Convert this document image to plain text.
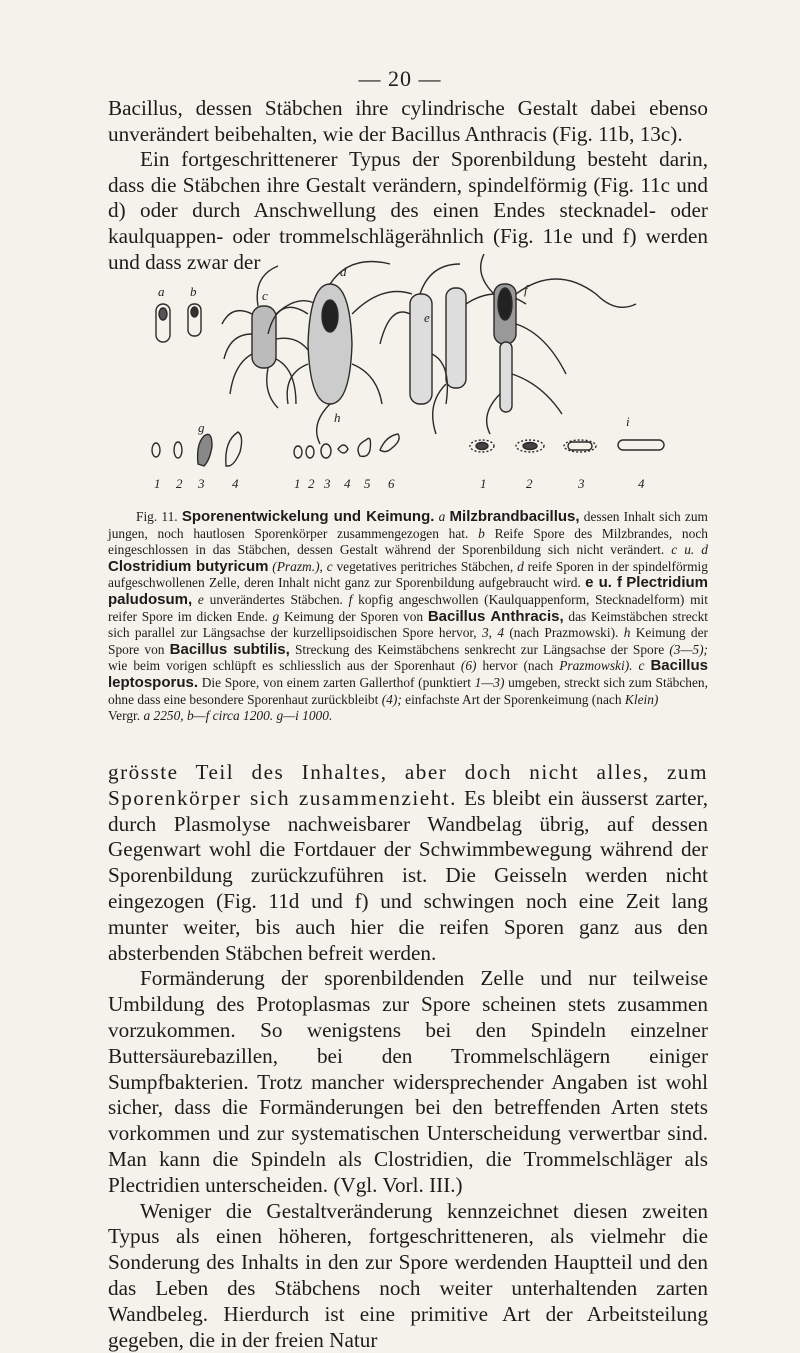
— 20 —

Bacillus, dessen Stäbchen ihre cylindrische Gestalt dabei ebenso unverändert beibehalten, wie der Bacillus Anthracis (Fig. 11b, 13c).

Ein fortgeschrittenerer Typus der Sporenbildung besteht darin, dass die Stäbchen ihre Gestalt verändern, spindelförmig (Fig. 11c und d) oder durch Anschwellung des einen Endes stecknadel- oder kaulquappen- oder trommelschlägerähnlich (Fig. 11e und f) werden und dass zwar der

a b	c
d
e
f
g
h	i
1 2 3 4	1 2 3 4 5 6	1	2	3	4

Fig. 11. Sporenentwickelung und Keimung. a Milzbrandbacillus, dessen Inhalt sich zum jungen, noch hautlosen Sporenkörper zusammengezogen hat. b Reife Spore des Milzbrandes, noch eingeschlossen in das Stäbchen, dessen Gestalt während der Sporenbildung sich nicht verändert. c u. d Clostridium butyricum (Prazm.), c vegetatives peritriches Stäbchen, d reife Sporen in der spindelförmig aufgeschwollenen Zelle, deren Inhalt nicht ganz zur Sporenbildung aufgebraucht wird. e u. f Plectridium paludosum, e unverändertes Stäbchen. f kopfig angeschwollen (Kaulquappenform, Stecknadelform) mit reifer Spore im dicken Ende. g Keimung der Sporen von Bacillus Anthracis, das Keimstäbchen streckt sich parallel zur Längsachse der kurzellipsoidischen Spore hervor, 3, 4 (nach Prazmowski). h Keimung der Spore von Bacillus subtilis, Streckung des Keimstäbchens senkrecht zur Längsachse der Spore (3—5); wie beim vorigen schlüpft es schliesslich aus der Sporenhaut (6) hervor (nach Prazmowski). c Bacillus leptosporus. Die Spore, von einem zarten Gallerthof (punktiert 1—3) umgeben, streckt sich zum Stäbchen, ohne dass eine besondere Sporenhaut zurückbleibt (4); einfachste Art der Sporenkeimung (nach Klein)
Vergr. a 2250, b—f circa 1200. g—i 1000.

grösste Teil des Inhaltes, aber doch nicht alles, zum Sporenkörper sich zusammenzieht. Es bleibt ein äusserst zarter, durch Plasmolyse nachweisbarer Wandbelag übrig, auf dessen Gegenwart wohl die Fortdauer der Schwimmbewegung während der Sporenbildung zurückzuführen ist. Die Geisseln werden nicht eingezogen (Fig. 11d und f) und schwingen noch eine Zeit lang munter weiter, bis auch hier die reifen Sporen ganz aus den absterbenden Stäbchen befreit werden.

Formänderung der sporenbildenden Zelle und nur teilweise Umbildung des Protoplasmas zur Spore scheinen stets zusammen vorzukommen. So wenigstens bei den Spindeln einzelner Buttersäurebazillen, bei den Trommelschlägern einiger Sumpfbakterien. Trotz mancher widersprechender Angaben ist wohl sicher, dass die Formänderungen bei den betreffenden Arten stets vorkommen und zur systematischen Unterscheidung verwertbar sind. Man kann die Spindeln als Clostridien, die Trommelschläger als Plectridien unterscheiden. (Vgl. Vorl. III.)

Weniger die Gestaltveränderung kennzeichnet diesen zweiten Typus als einen höheren, fortgeschritteneren, als vielmehr die Sonderung des Inhalts in den zur Spore werdenden Hauptteil und den das Leben des Stäbchens noch weiter unterhaltenden zarten Wandbeleg. Hierdurch ist eine primitive Art der Arbeitsteilung gegeben, die in der freien Natur
